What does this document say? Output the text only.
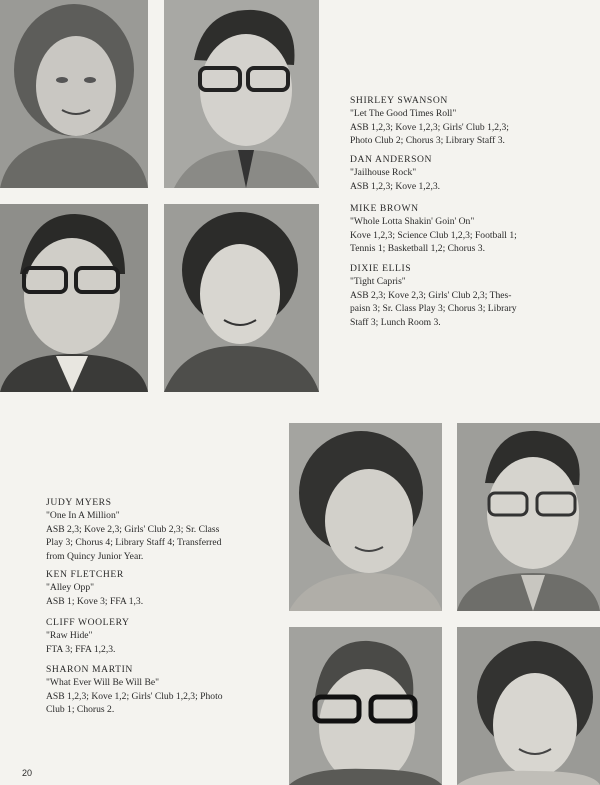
SHIRLEY SWANSON
"Let The Good Times Roll"
ASB 1,2,3; Kove 1,2,3; Girls' Club 1,2,3;
Photo Club 2; Chorus 3; Library Staff 3.
DAN ANDERSON
"Jailhouse Rock"
ASB 1,2,3; Kove 1,2,3.
MIKE BROWN
"Whole Lotta Shakin' Goin' On"
Kove 1,2,3; Science Club 1,2,3; Football 1;
Tennis 1; Basketball 1,2; Chorus 3.
DIXIE ELLIS
"Tight Capris"
ASB 2,3; Kove 2,3; Girls' Club 2,3; Thes-
paisn 3; Sr. Class Play 3; Chorus 3; Library
Staff 3; Lunch Room 3.
JUDY MYERS
"One In A Million"
ASB 2,3; Kove 2,3; Girls' Club 2,3; Sr. Class
Play 3; Chorus 4; Library Staff 4; Transferred
from Quincy Junior Year.
KEN FLETCHER
"Alley Opp"
ASB 1; Kove 3; FFA 1,3.
CLIFF WOOLERY
"Raw Hide"
FTA 3; FFA 1,2,3.
SHARON MARTIN
"What Ever Will Be Will Be"
ASB 1,2,3; Kove 1,2; Girls' Club 1,2,3; Photo
Club 1; Chorus 2.
20
